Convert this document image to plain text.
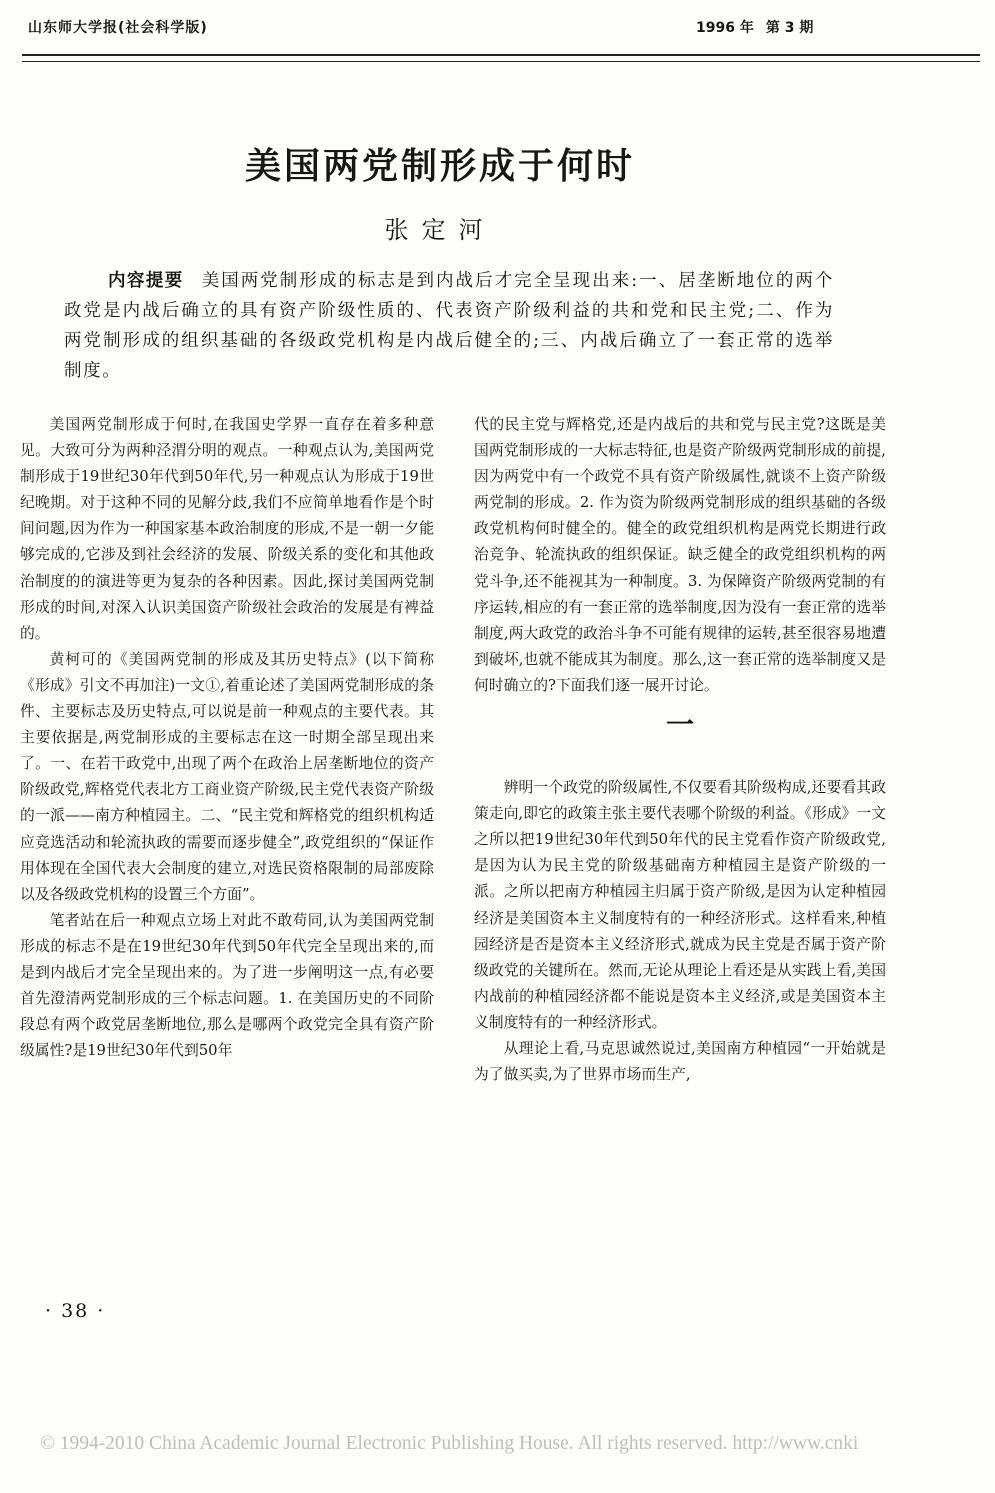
山东师大学报(社会科学版)	1996 年 第 3 期
美国两党制形成于何时
张定河
内容提要 美国两党制形成的标志是到内战后才完全呈现出来:一、居垄断地位的两个政党是内战后确立的具有资产阶级性质的、代表资产阶级利益的共和党和民主党;二、作为两党制形成的组织基础的各级政党机构是内战后健全的;三、内战后确立了一套正常的选举制度。

美国两党制形成于何时,在我国史学界一直存在着多种意见。大致可分为两种泾渭分明的观点。一种观点认为,美国两党制形成于19世纪30年代到50年代,另一种观点认为形成于19世纪晚期。对于这种不同的见解分歧,我们不应简单地看作是个时间问题,因为作为一种国家基本政治制度的形成,不是一朝一夕能够完成的,它涉及到社会经济的发展、阶级关系的变化和其他政治制度的的演进等更为复杂的各种因素。因此,探讨美国两党制形成的时间,对深入认识美国资产阶级社会政治的发展是有裨益的。

黄柯可的《美国两党制的形成及其历史特点》(以下简称《形成》引文不再加注)一文①,着重论述了美国两党制形成的条件、主要标志及历史特点,可以说是前一种观点的主要代表。其主要依据是,两党制形成的主要标志在这一时期全部呈现出来了。一、在若干政党中,出现了两个在政治上居垄断地位的资产阶级政党,辉格党代表北方工商业资产阶级,民主党代表资产阶级的一派——南方种植园主。二、“民主党和辉格党的组织机构适应竞选活动和轮流执政的需要而逐步健全”,政党组织的“保证作用体现在全国代表大会制度的建立,对选民资格限制的局部废除以及各级政党机构的设置三个方面”。

笔者站在后一种观点立场上对此不敢苟同,认为美国两党制形成的标志不是在19世纪30年代到50年代完全呈现出来的,而是到内战后才完全呈现出来的。为了进一步阐明这一点,有必要首先澄清两党制形成的三个标志问题。1. 在美国历史的不同阶段总有两个政党居垄断地位,那么是哪两个政党完全具有资产阶级属性?是19世纪30年代到50年

代的民主党与辉格党,还是内战后的共和党与民主党?这既是美国两党制形成的一大标志特征,也是资产阶级两党制形成的前提,因为两党中有一个政党不具有资产阶级属性,就谈不上资产阶级两党制的形成。2. 作为资为阶级两党制形成的组织基础的各级政党机构何时健全的。健全的政党组织机构是两党长期进行政治竞争、轮流执政的组织保证。缺乏健全的政党组织机构的两党斗争,还不能视其为一种制度。3. 为保障资产阶级两党制的有序运转,相应的有一套正常的选举制度,因为没有一套正常的选举制度,两大政党的政治斗争不可能有规律的运转,甚至很容易地遭到破坏,也就不能成其为制度。那么,这一套正常的选举制度又是何时确立的?下面我们逐一展开讨论。

一

辨明一个政党的阶级属性,不仅要看其阶级构成,还要看其政策走向,即它的政策主张主要代表哪个阶级的利益。《形成》一文之所以把19世纪30年代到50年代的民主党看作资产阶级政党,是因为认为民主党的阶级基础南方种植园主是资产阶级的一派。之所以把南方种植园主归属于资产阶级,是因为认定种植园经济是美国资本主义制度特有的一种经济形式。这样看来,种植园经济是否是资本主义经济形式,就成为民主党是否属于资产阶级政党的关键所在。然而,无论从理论上看还是从实践上看,美国内战前的种植园经济都不能说是资本主义经济,或是美国资本主义制度特有的一种经济形式。

从理论上看,马克思诚然说过,美国南方种植园“一开始就是为了做买卖,为了世界市场而生产,

· 38 ·
© 1994-2010 China Academic Journal Electronic Publishing House. All rights reserved. http://www.cnki
